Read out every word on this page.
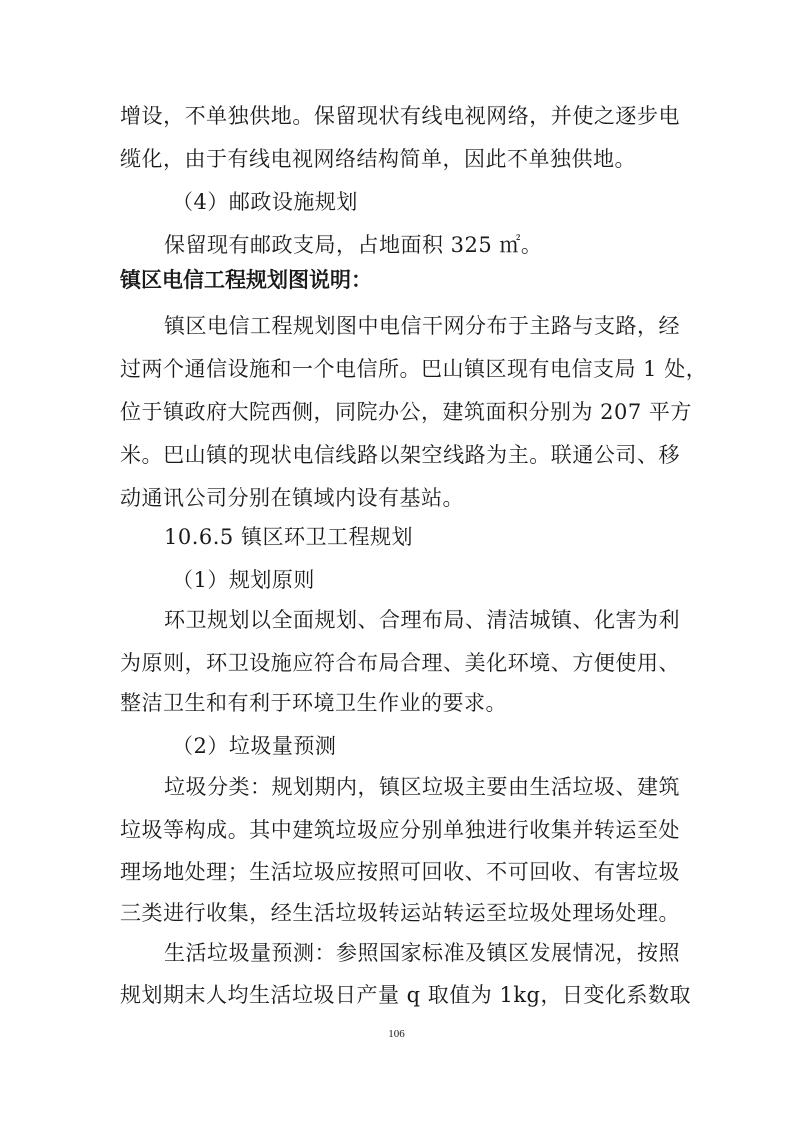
增设，不单独供地。保留现状有线电视网络，并使之逐步电
缆化，由于有线电视网络结构简单，因此不单独供地。
（4）邮政设施规划
保留现有邮政支局，占地面积 325 ㎡。
镇区电信工程规划图说明：
镇区电信工程规划图中电信干网分布于主路与支路，经
过两个通信设施和一个电信所。巴山镇区现有电信支局 1 处，
位于镇政府大院西侧，同院办公，建筑面积分别为 207 平方
米。巴山镇的现状电信线路以架空线路为主。联通公司、移
动通讯公司分别在镇域内设有基站。
10.6.5 镇区环卫工程规划
（1）规划原则
环卫规划以全面规划、合理布局、清洁城镇、化害为利
为原则，环卫设施应符合布局合理、美化环境、方便使用、
整洁卫生和有利于环境卫生作业的要求。
（2）垃圾量预测
垃圾分类：规划期内，镇区垃圾主要由生活垃圾、建筑
垃圾等构成。其中建筑垃圾应分别单独进行收集并转运至处
理场地处理；生活垃圾应按照可回收、不可回收、有害垃圾
三类进行收集，经生活垃圾转运站转运至垃圾处理场处理。
生活垃圾量预测：参照国家标准及镇区发展情况，按照
规划期末人均生活垃圾日产量 q 取值为 1kg，日变化系数取
106
